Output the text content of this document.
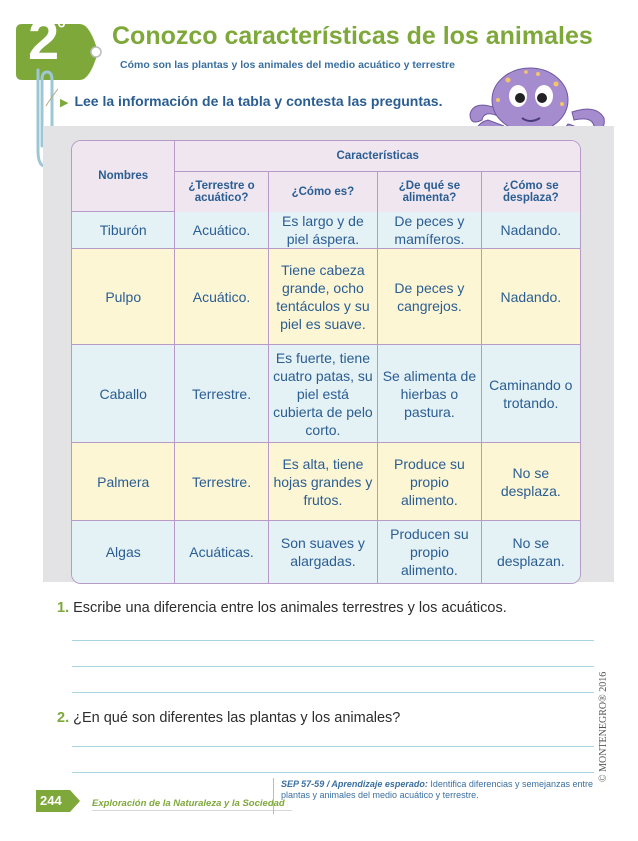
2°	Conozco características de los animales
Cómo son las plantas y los animales del medio acuático y terrestre
▶ Lee la información de la tabla y contesta las preguntas.
Nombres	Características			
	¿Terrestre o acuático?	¿Cómo es?	¿De qué se alimenta?	¿Cómo se desplaza?
Tiburón	Acuático.	Es largo y de piel áspera.	De peces y mamíferos.	Nadando.
Pulpo	Acuático.	Tiene cabeza grande, ocho tentáculos y su piel es suave.	De peces y cangrejos.	Nadando.
Caballo	Terrestre.	Es fuerte, tiene cuatro patas, su piel está cubierta de pelo corto.	Se alimenta de hierbas o pastura.	Caminando o trotando.
Palmera	Terrestre.	Es alta, tiene hojas grandes y frutos.	Produce su propio alimento.	No se desplaza.
Algas	Acuáticas.	Son suaves y alargadas.	Producen su propio alimento.	No se desplazan.
1. Escribe una diferencia entre los animales terrestres y los acuáticos.
2. ¿En qué son diferentes las plantas y los animales?	© MONTENEGRO® 2016
244	Exploración de la Naturaleza y la Sociedad
SEP 57-59 / Aprendizaje esperado: Identifica diferencias y semejanzas entre plantas y animales del medio acuático y terrestre.
